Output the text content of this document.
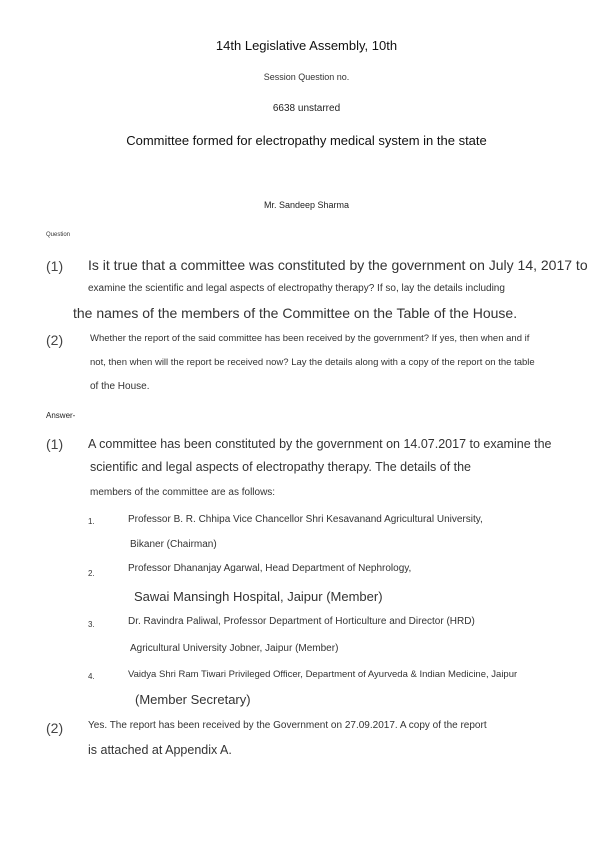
14th Legislative Assembly, 10th
Session Question no.
6638 unstarred
Committee formed for electropathy medical system in the state
Mr. Sandeep Sharma
Question
(1) Is it true that a committee was constituted by the government on July 14, 2017 to
examine the scientific and legal aspects of electropathy therapy? If so, lay the details including
the names of the members of the Committee on the Table of the House.
(2)	Whether the report of the said committee has been received by the government? If yes, then when and if
not, then when will the report be received now? Lay the details along with a copy of the report on the table
of the House.
Answer-
(1) A committee has been constituted by the government on 14.07.2017 to examine the
scientific and legal aspects of electropathy therapy. The details of the
members of the committee are as follows:
1.	Professor B. R. Chhipa Vice Chancellor Shri Kesavanand Agricultural University,
Bikaner (Chairman)
2.	Professor Dhananjay Agarwal, Head Department of Nephrology,
Sawai Mansingh Hospital, Jaipur (Member)
3.	Dr. Ravindra Paliwal, Professor Department of Horticulture and Director (HRD)
Agricultural University Jobner, Jaipur (Member)
4.	Vaidya Shri Ram Tiwari Privileged Officer, Department of Ayurveda & Indian Medicine, Jaipur
(Member Secretary)
(2) Yes. The report has been received by the Government on 27.09.2017. A copy of the report
is attached at Appendix A.
